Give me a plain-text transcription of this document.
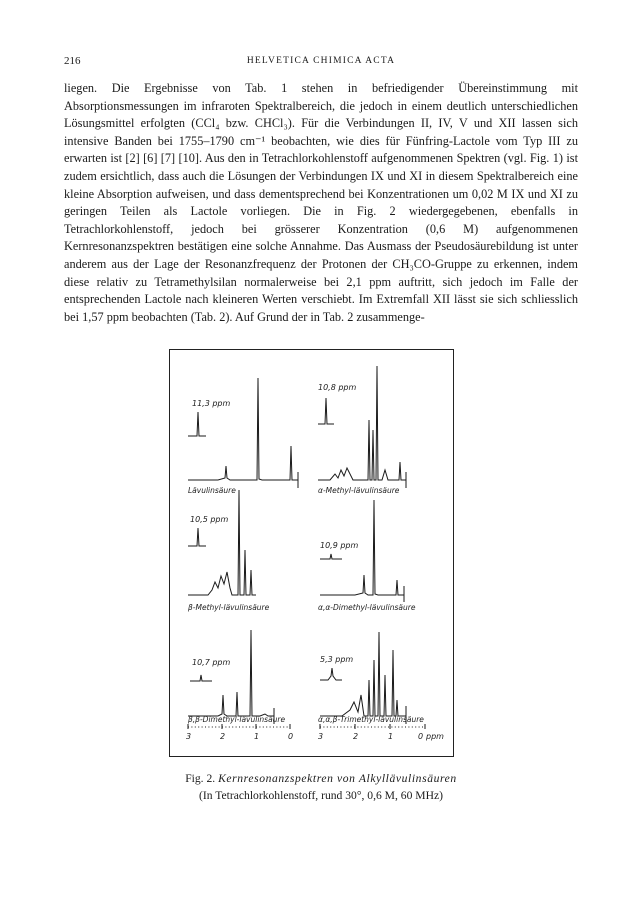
216	HELVETICA CHIMICA ACTA

liegen. Die Ergebnisse von Tab. 1 stehen in befriedigender Übereinstimmung mit Absorptionsmessungen im infraroten Spektralbereich, die jedoch in einem deutlich unterschiedlichen Lösungsmittel erfolgten (CCl₄ bzw. CHCl₃). Für die Verbindungen II, IV, V und XII lassen sich intensive Banden bei 1755–1790 cm⁻¹ beobachten, wie dies für Fünfring-Lactole vom Typ III zu erwarten ist [2] [6] [7] [10]. Aus den in Tetrachlorkohlenstoff aufgenommenen Spektren (vgl. Fig. 1) ist zudem ersichtlich, dass auch die Lösungen der Verbindungen IX und XI in diesem Spektralbereich eine kleine Absorption aufweisen, und dass dementsprechend bei Konzentrationen um 0,02 M IX und XI zu geringen Teilen als Lactole vorliegen. Die in Fig. 2 wiedergegebenen, ebenfalls in Tetrachlorkohlenstoff, jedoch bei grösserer Konzentration (0,6 M) aufgenommenen Kernresonanzspektren bestätigen eine solche Annahme. Das Ausmass der Pseudosäurebildung ist unter anderem aus der Lage der Resonanzfrequenz der Protonen der CH₃CO-Gruppe zu erkennen, indem diese relativ zu Tetramethylsilan normalerweise bei 2,1 ppm auftritt, sich jedoch im Falle der entsprechenden Lactole nach kleineren Werten verschiebt. Im Extremfall XII lässt sie sich schliesslich bei 1,57 ppm beobachten (Tab. 2). Auf Grund der in Tab. 2 zusammenge-

11,3 ppm
10,8 ppm
10,5 ppm
10,9 ppm
10,7 ppm	5,3 ppm
Lävulinsäure	α-Methyl-lävulinsäure
β-Methyl-lävulinsäure	α,α-Dimethyl-lävulinsäure
β,β-Dimethyl-lävulinsäure	α,α,β-Trimethyl-lävulinsäure
3	2	1	0	3	2	1	0 ppm
Fig. 2. Kernresonanzspektren von Alkyllävulinsäuren
(In Tetrachlorkohlenstoff, rund 30°, 0,6 M, 60 MHz)
